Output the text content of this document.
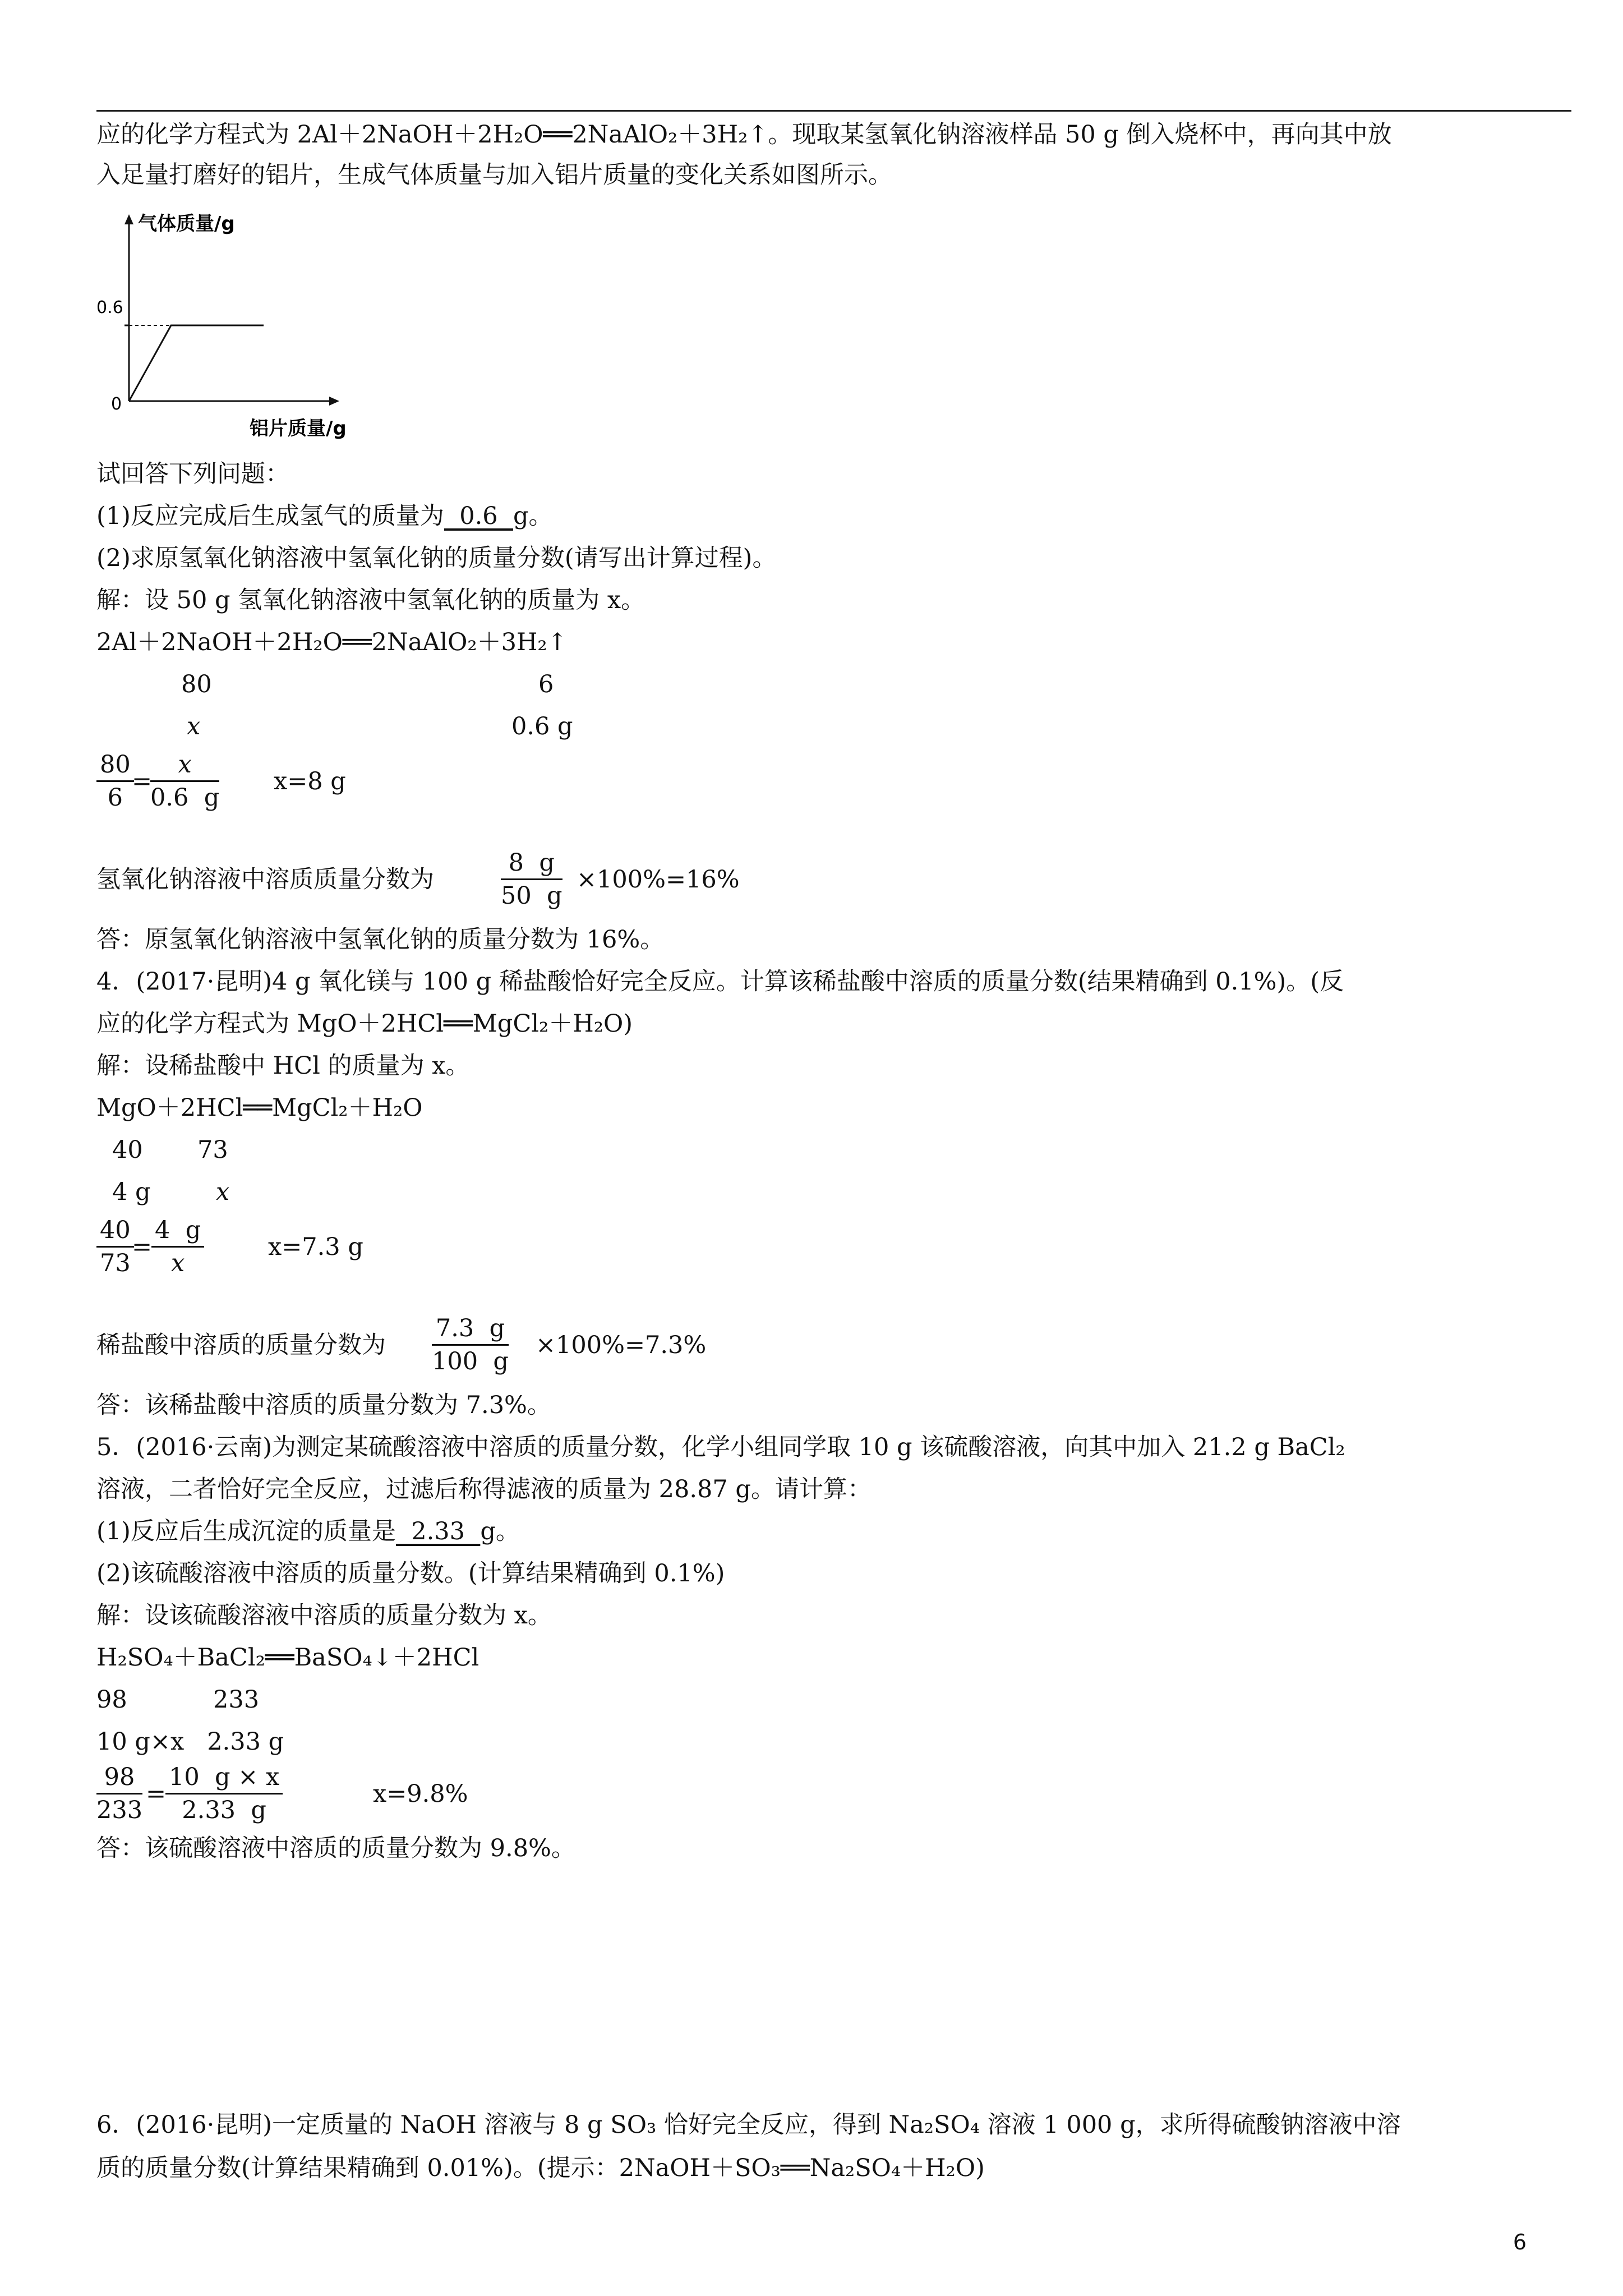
应的化学方程式为 2Al＋2NaOH＋2H₂O══2NaAlO₂＋3H₂↑。现取某氢氧化钠溶液样品 50 g 倒入烧杯中，再向其中放
入足量打磨好的铝片，生成气体质量与加入铝片质量的变化关系如图所示。
气体质量/g
铝片质量/g
0
0.6
试回答下列问题：
(1)反应完成后生成氢气的质量为  0.6  g。
(2)求原氢氧化钠溶液中氢氧化钠的质量分数(请写出计算过程)。
解：设 50 g 氢氧化钠溶液中氢氧化钠的质量为 x。
2Al＋2NaOH＋2H₂O══2NaAlO₂＋3H₂↑
80	6
x	0.6 g
$\frac{80}{6}$
=
$\frac{x}{0.6 g} x=8$ g
氢氧化钠溶液中溶质质量分数为	$\frac{8 g}{50 g} \times 100\%=16\%$
答：原氢氧化钠溶液中氢氧化钠的质量分数为 16%。
4．(2017·昆明)4 g 氧化镁与 100 g 稀盐酸恰好完全反应。计算该稀盐酸中溶质的质量分数(结果精确到 0.1%)。(反
应的化学方程式为 MgO＋2HCl══MgCl₂＋H₂O)
解：设稀盐酸中 HCl 的质量为 x。
MgO＋2HCl══MgCl₂＋H₂O
40 73
4 g	x
$\frac{40}{73}$
=
$\frac{4 g}{x}$	x=7.3 g
稀盐酸中溶质的质量分数为 $\frac{7.3 g}{100 g} \times 100\%=7.3\%$
答：该稀盐酸中溶质的质量分数为 7.3%。
5．(2016·云南)为测定某硫酸溶液中溶质的质量分数，化学小组同学取 10 g 该硫酸溶液，向其中加入 21.2 g BaCl₂
溶液，二者恰好完全反应，过滤后称得滤液的质量为 28.87 g。请计算：
(1)反应后生成沉淀的质量是  2.33  g。
(2)该硫酸溶液中溶质的质量分数。(计算结果精确到 0.1%)
解：设该硫酸溶液中溶质的质量分数为 x。
H₂SO₄＋BaCl₂══BaSO₄↓＋2HCl
98	233
10 g×x   2.33 g
$\frac{98}{233}$ =
$\frac{10 g \times x}{2.33 g}$	x=9.8%
答：该硫酸溶液中溶质的质量分数为 9.8%。
6．(2016·昆明)一定质量的 NaOH 溶液与 8 g SO₃ 恰好完全反应，得到 Na₂SO₄ 溶液 1 000 g，求所得硫酸钠溶液中溶
质的质量分数(计算结果精确到 0.01%)。(提示：2NaOH＋SO₃══Na₂SO₄＋H₂O)
6
